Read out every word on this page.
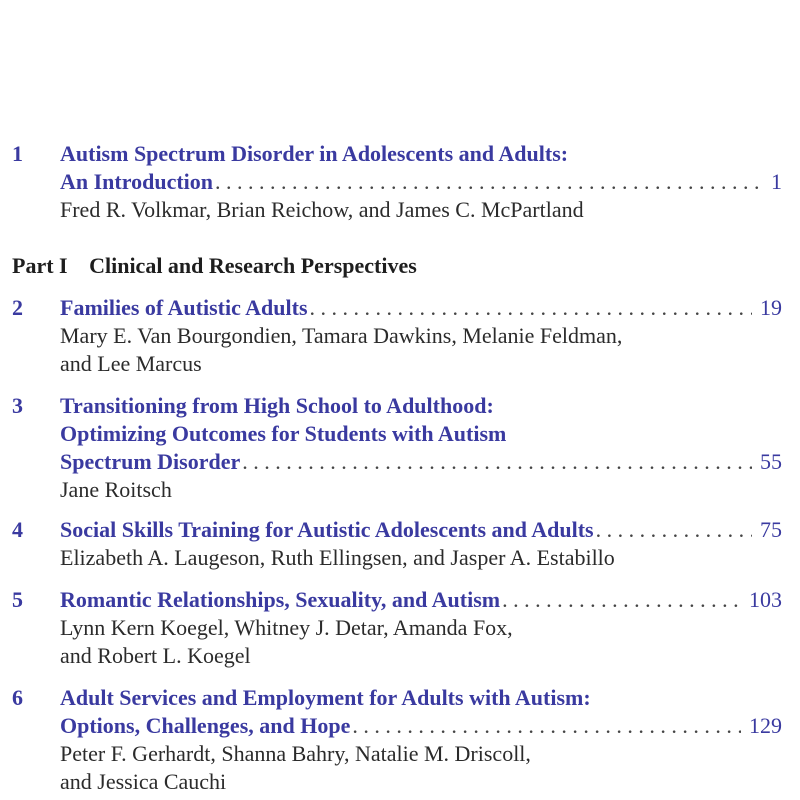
1 Autism Spectrum Disorder in Adolescents and Adults:
An Introduction . . .	1
Fred R. Volkmar, Brian Reichow, and James C. McPartland
Part I Clinical and Research Perspectives
2 Families of Autistic Adults . . .	19
Mary E. Van Bourgondien, Tamara Dawkins, Melanie Feldman,
and Lee Marcus
3 Transitioning from High School to Adulthood:
Optimizing Outcomes for Students with Autism
Spectrum Disorder . . .	55
Jane Roitsch
4 Social Skills Training for Autistic Adolescents and Adults . . .	75
Elizabeth A. Laugeson, Ruth Ellingsen, and Jasper A. Estabillo
5 Romantic Relationships, Sexuality, and Autism . . .	103
Lynn Kern Koegel, Whitney J. Detar, Amanda Fox,
and Robert L. Koegel
6 Adult Services and Employment for Adults with Autism:
Options, Challenges, and Hope . . .	129
Peter F. Gerhardt, Shanna Bahry, Natalie M. Driscoll,
and Jessica Cauchi
